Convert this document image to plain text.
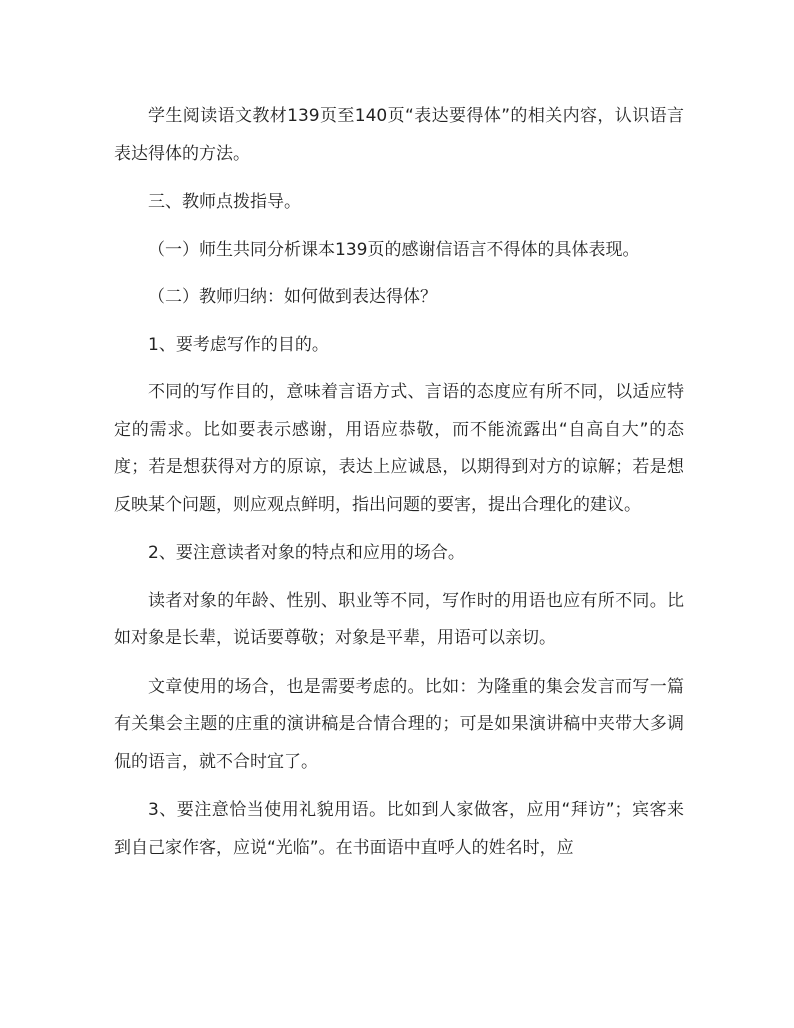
学生阅读语文教材139页至140页“表达要得体”的相关内容，认识语言表达得体的方法。

三、教师点拨指导。

（一）师生共同分析课本139页的感谢信语言不得体的具体表现。

（二）教师归纳：如何做到表达得体？

1、要考虑写作的目的。

不同的写作目的，意味着言语方式、言语的态度应有所不同，以适应特定的需求。比如要表示感谢，用语应恭敬，而不能流露出“自高自大”的态度；若是想获得对方的原谅，表达上应诚恳，以期得到对方的谅解；若是想反映某个问题，则应观点鲜明，指出问题的要害，提出合理化的建议。

2、要注意读者对象的特点和应用的场合。

读者对象的年龄、性别、职业等不同，写作时的用语也应有所不同。比如对象是长辈，说话要尊敬；对象是平辈，用语可以亲切。

文章使用的场合，也是需要考虑的。比如：为隆重的集会发言而写一篇有关集会主题的庄重的演讲稿是合情合理的；可是如果演讲稿中夹带大多调侃的语言，就不合时宜了。

3、要注意恰当使用礼貌用语。比如到人家做客，应用“拜访”；宾客来到自己家作客，应说“光临”。在书面语中直呼人的姓名时，应
